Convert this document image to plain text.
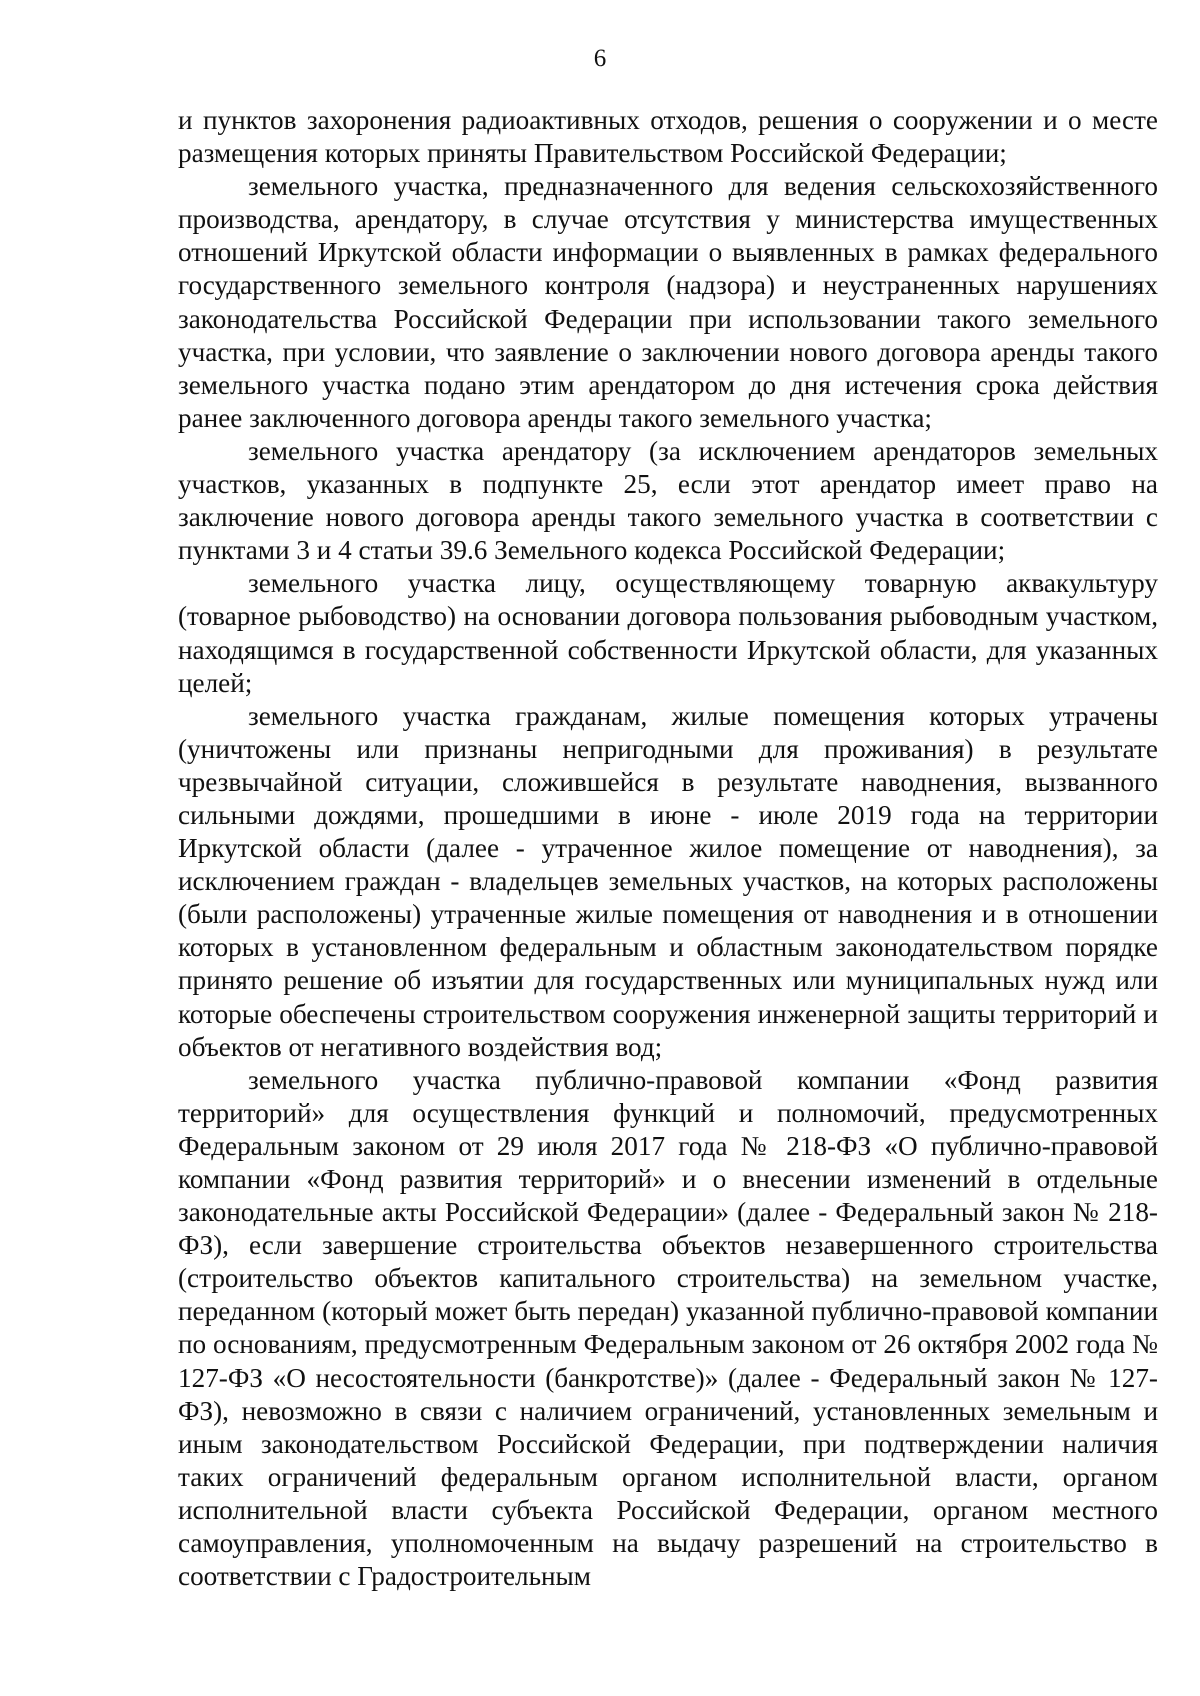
6

и пунктов захоронения радиоактивных отходов, решения о сооружении и о месте размещения которых приняты Правительством Российской Федерации;

земельного участка, предназначенного для ведения сельскохозяйственного производства, арендатору, в случае отсутствия у министерства имущественных отношений Иркутской области информации о выявленных в рамках федерального государственного земельного контроля (надзора) и неустраненных нарушениях законодательства Российской Федерации при использовании такого земельного участка, при условии, что заявление о заключении нового договора аренды такого земельного участка подано этим арендатором до дня истечения срока действия ранее заключенного договора аренды такого земельного участка;

земельного участка арендатору (за исключением арендаторов земельных участков, указанных в подпункте 25, если этот арендатор имеет право на заключение нового договора аренды такого земельного участка в соответствии с пунктами 3 и 4 статьи 39.6 Земельного кодекса Российской Федерации;

земельного участка лицу, осуществляющему товарную аквакультуру (товарное рыбоводство) на основании договора пользования рыбоводным участком, находящимся в государственной собственности Иркутской области, для указанных целей;

земельного участка гражданам, жилые помещения которых утрачены (уничтожены или признаны непригодными для проживания) в результате чрезвычайной ситуации, сложившейся в результате наводнения, вызванного сильными дождями, прошедшими в июне - июле 2019 года на территории Иркутской области (далее - утраченное жилое помещение от наводнения), за исключением граждан - владельцев земельных участков, на которых расположены (были расположены) утраченные жилые помещения от наводнения и в отношении которых в установленном федеральным и областным законодательством порядке принято решение об изъятии для государственных или муниципальных нужд или которые обеспечены строительством сооружения инженерной защиты территорий и объектов от негативного воздействия вод;

земельного участка публично-правовой компании «Фонд развития территорий» для осуществления функций и полномочий, предусмотренных Федеральным законом от 29 июля 2017 года № 218-ФЗ «О публично-правовой компании «Фонд развития территорий» и о внесении изменений в отдельные законодательные акты Российской Федерации» (далее - Федеральный закон № 218-ФЗ), если завершение строительства объектов незавершенного строительства (строительство объектов капитального строительства) на земельном участке, переданном (который может быть передан) указанной публично-правовой компании по основаниям, предусмотренным Федеральным законом от 26 октября 2002 года № 127-ФЗ «О несостоятельности (банкротстве)» (далее - Федеральный закон № 127-ФЗ), невозможно в связи с наличием ограничений, установленных земельным и иным законодательством Российской Федерации, при подтверждении наличия таких ограничений федеральным органом исполнительной власти, органом исполнительной власти субъекта Российской Федерации, органом местного самоуправления, уполномоченным на выдачу разрешений на строительство в соответствии с Градостроительным
